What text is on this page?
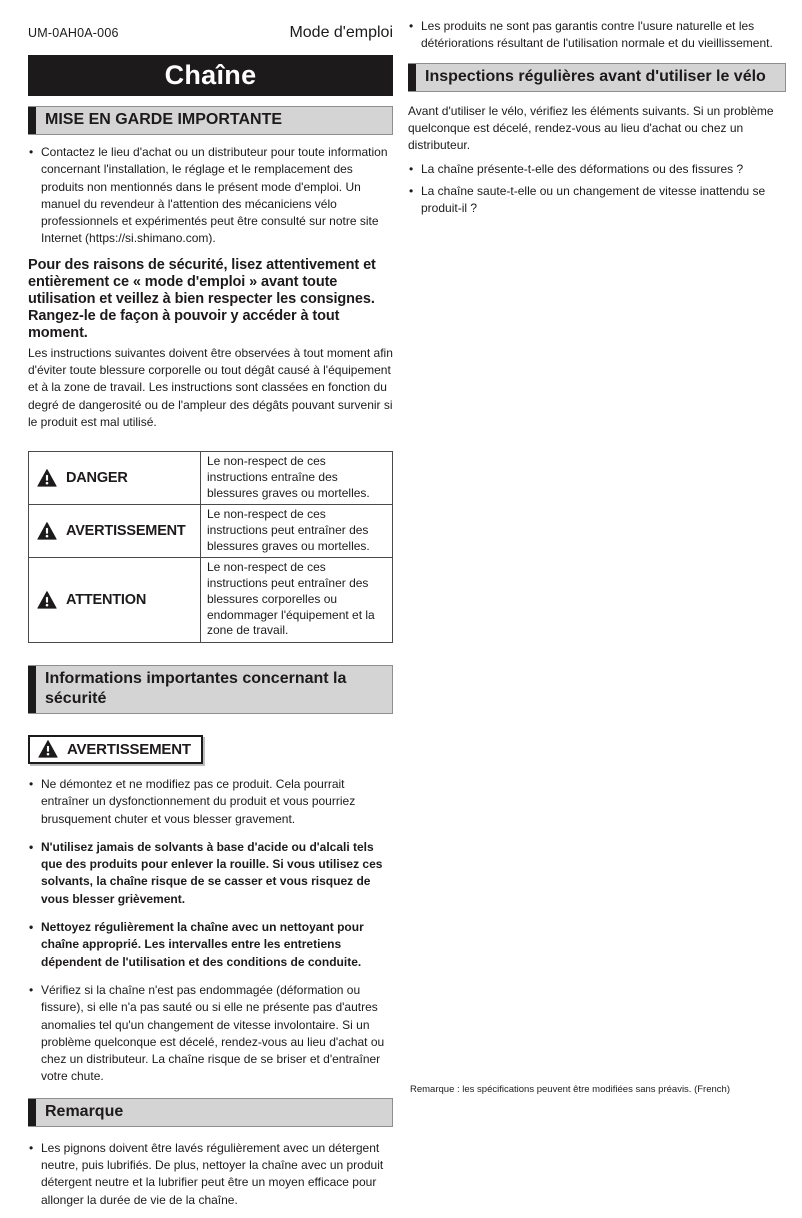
UM-0AH0A-006	Mode d'emploi
Chaîne
MISE EN GARDE IMPORTANTE
• Contactez le lieu d'achat ou un distributeur pour toute information concernant l'installation, le réglage et le remplacement des produits non mentionnés dans le présent mode d'emploi. Un manuel du revendeur à l'attention des mécaniciens vélo professionnels et expérimentés peut être consulté sur notre site Internet (https://si.shimano.com).
Pour des raisons de sécurité, lisez attentivement et entièrement ce « mode d'emploi » avant toute utilisation et veillez à bien respecter les consignes. Rangez-le de façon à pouvoir y accéder à tout moment.
Les instructions suivantes doivent être observées à tout moment afin d'éviter toute blessure corporelle ou tout dégât causé à l'équipement et à la zone de travail. Les instructions sont classées en fonction du degré de dangerosité ou de l'ampleur des dégâts pouvant survenir si le produit est mal utilisé.
DANGER
Le non-respect de ces instructions entraîne des blessures graves ou mortelles.
AVERTISSEMENT
Le non-respect de ces instructions peut entraîner des blessures graves ou mortelles.
ATTENTION
Le non-respect de ces instructions peut entraîner des blessures corporelles ou endommager l'équipement et la zone de travail.
Informations importantes concernant la sécurité
AVERTISSEMENT
• Ne démontez et ne modifiez pas ce produit. Cela pourrait entraîner un dysfonctionnement du produit et vous pourriez brusquement chuter et vous blesser gravement.
• N'utilisez jamais de solvants à base d'acide ou d'alcali tels que des produits pour enlever la rouille. Si vous utilisez ces solvants, la chaîne risque de se casser et vous risquez de vous blesser grièvement.
• Nettoyez régulièrement la chaîne avec un nettoyant pour chaîne approprié. Les intervalles entre les entretiens dépendent de l'utilisation et des conditions de conduite.
• Vérifiez si la chaîne n'est pas endommagée (déformation ou fissure), si elle n'a pas sauté ou si elle ne présente pas d'autres anomalies tel qu'un changement de vitesse involontaire. Si un problème quelconque est décelé, rendez-vous au lieu d'achat ou chez un distributeur. La chaîne risque de se briser et d'entraîner votre chute.
Remarque
• Les pignons doivent être lavés régulièrement avec un détergent neutre, puis lubrifiés. De plus, nettoyer la chaîne avec un produit détergent neutre et la lubrifier peut être un moyen efficace pour allonger la durée de vie de la chaîne.
• Les produits ne sont pas garantis contre l'usure naturelle et les détériorations résultant de l'utilisation normale et du vieillissement.
Inspections régulières avant d'utiliser le vélo
Avant d'utiliser le vélo, vérifiez les éléments suivants. Si un problème quelconque est décelé, rendez-vous au lieu d'achat ou chez un distributeur.
• La chaîne présente-t-elle des déformations ou des fissures ?
• La chaîne saute-t-elle ou un changement de vitesse inattendu se produit-il ?
Remarque : les spécifications peuvent être modifiées sans préavis. (French)
